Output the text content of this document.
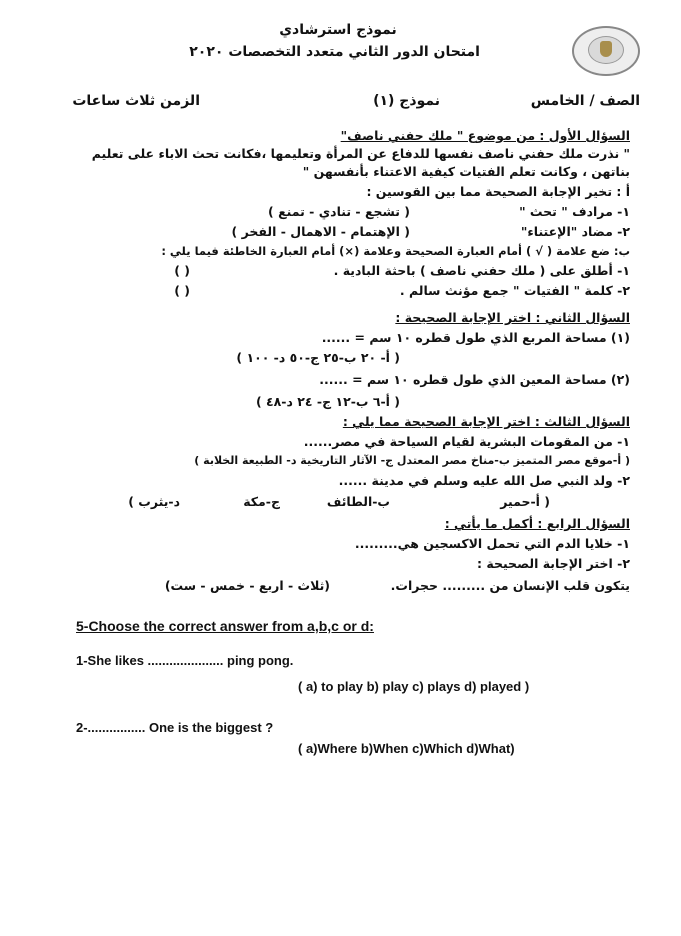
نموذج استرشادي
امتحان الدور الثاني متعدد التخصصات ٢٠٢٠
الصف / الخامس
نموذج (١)
الزمن ثلاث ساعات
السؤال الأول : من موضوع " ملك حفني ناصف"
" نذرت ملك حفني ناصف نفسها للدفاع عن المرأة وتعليمها ،فكانت تحث الاباء على تعليم
بناتهن ، وكانت تعلم الفتيات كيفية الاعتناء بأنفسهن "
أ : تخير الإجابة الصحيحة مما بين القوسين :
١- مرادف " تحث "
( تشجع - تنادي - تمنع )
٢- مضاد "الإعتناء"
( الإهتمام - الاهمال - الفخر )
ب: ضع علامة ( √ ) أمام العبارة الصحيحة وعلامة (×) أمام العبارة الخاطئة فيما يلي :
١- أطلق على ( ملك حفني ناصف ) باحثة البادية .
( )
٢- كلمة " الفتيات " جمع مؤنث سالم .
( )
السؤال الثاني : اختر الإجابة الصحيحة :
(١) مساحة المربع الذي طول قطره ١٠ سم = ......
( أ- ٢٠ ب-٢٥ ج-٥٠ د- ١٠٠ )
(٢) مساحة المعين الذي طول قطره ١٠ سم = ......
( أ-٦ ب-١٢ ج- ٢٤ د-٤٨ )
السؤال الثالث : اختر الإجابة الصحيحة مما يلي :
١- من المقومات البشرية لقيام السياحة في مصر......
( أ-موقع مصر المتميز ب-مناخ مصر المعتدل ج- الآثار التاريخية د- الطبيعة الخلابة )
٢- ولد النبي صل الله عليه وسلم في مدينة ......
( أ-حمير
ب-الطائف
ج-مكة
د-يثرب )
السؤال الرابع : أكمل ما يأتي :
١- خلايا الدم التي تحمل الاكسجين هي.........
٢- اختر الإجابة الصحيحة :
يتكون قلب الإنسان من ......... حجرات.
(ثلاث - اربع - خمس - ست)
5-Choose the correct answer from a,b,c or d:
1-She likes ..................... ping pong.
( a) to play b) play c) plays d) played )
2-................ One is the biggest ?
( a)Where b)When c)Which d)What)
